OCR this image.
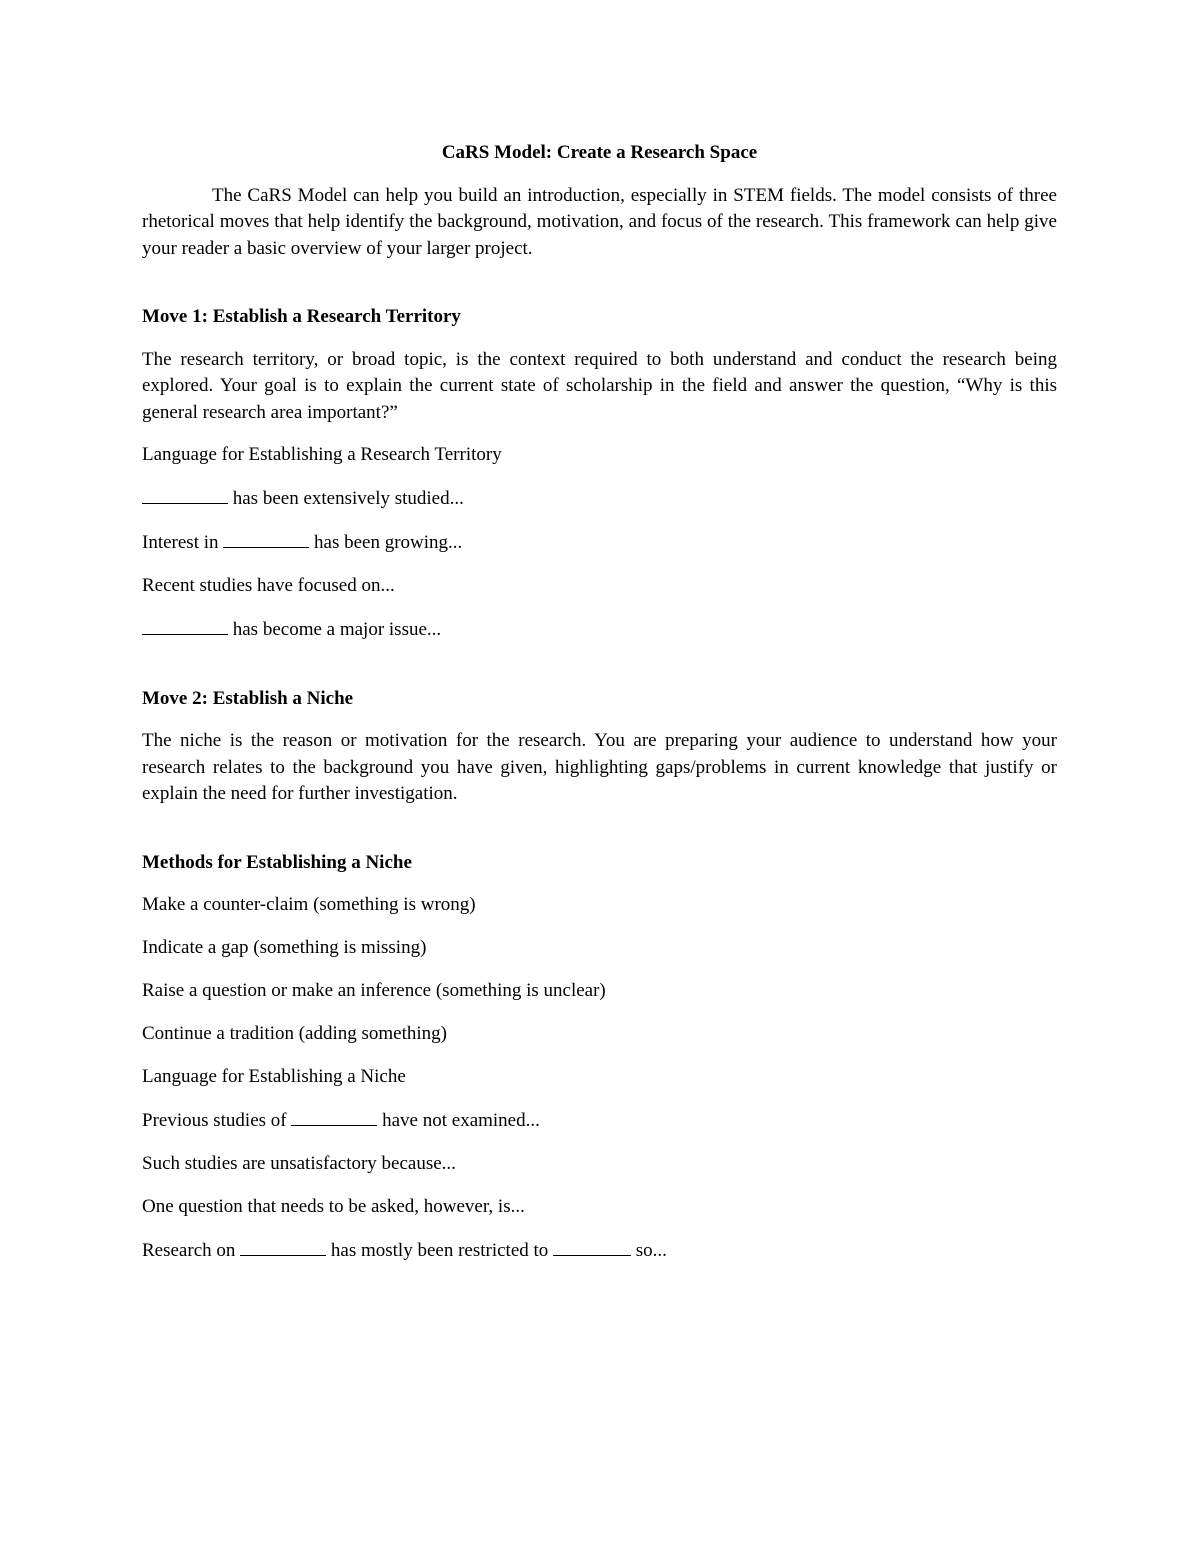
CaRS Model: Create a Research Space

The CaRS Model can help you build an introduction, especially in STEM fields. The model consists of three rhetorical moves that help identify the background, motivation, and focus of the research. This framework can help give your reader a basic overview of your larger project.

Move 1: Establish a Research Territory

The research territory, or broad topic, is the context required to both understand and conduct the research being explored. Your goal is to explain the current state of scholarship in the field and answer the question, “Why is this general research area important?”

Language for Establishing a Research Territory

has been extensively studied...

Interest in	has been growing...

Recent studies have focused on...

has become a major issue...

Move 2: Establish a Niche

The niche is the reason or motivation for the research. You are preparing your audience to understand how your research relates to the background you have given, highlighting gaps/problems in current knowledge that justify or explain the need for further investigation.

Methods for Establishing a Niche

Make a counter-claim (something is wrong)

Indicate a gap (something is missing)

Raise a question or make an inference (something is unclear)

Continue a tradition (adding something)

Language for Establishing a Niche

Previous studies of	have not examined...

Such studies are unsatisfactory because...

One question that needs to be asked, however, is...

Research on	has mostly been restricted to	so...
